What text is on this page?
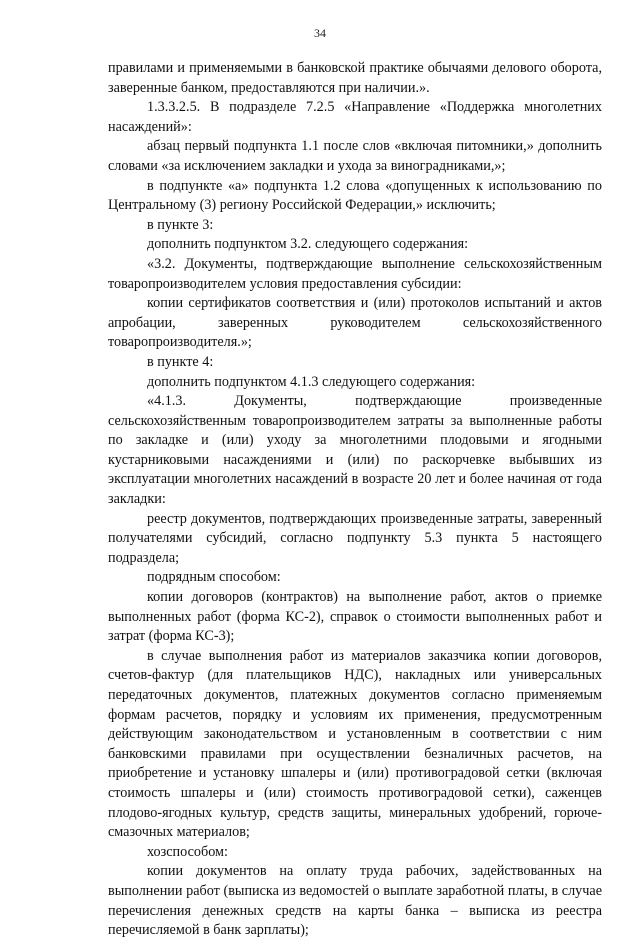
34

правилами и применяемыми в банковской практике обычаями делового оборота, заверенные банком, предоставляются при наличии.».

1.3.3.2.5. В подразделе 7.2.5 «Направление «Поддержка многолетних насаждений»:

абзац первый подпункта 1.1 после слов «включая питомники,» дополнить словами «за исключением закладки и ухода за виноградниками,»;

в подпункте «а» подпункта 1.2 слова «допущенных к использованию по Центральному (3) региону Российской Федерации,» исключить;

в пункте 3:

дополнить подпунктом 3.2. следующего содержания:

«3.2. Документы, подтверждающие выполнение сельскохозяйственным товаропроизводителем условия предоставления субсидии:

копии сертификатов соответствия и (или) протоколов испытаний и актов апробации, заверенных руководителем сельскохозяйственного товаропроизводителя.»;

в пункте 4:

дополнить подпунктом 4.1.3 следующего содержания:

«4.1.3. Документы, подтверждающие произведенные сельскохозяйственным товаропроизводителем затраты за выполненные работы по закладке и (или) уходу за многолетними плодовыми и ягодными кустарниковыми насаждениями и (или) по раскорчевке выбывших из эксплуатации многолетних насаждений в возрасте 20 лет и более начиная от года закладки:

реестр документов, подтверждающих произведенные затраты, заверенный получателями субсидий, согласно подпункту 5.3 пункта 5 настоящего подраздела;

подрядным способом:

копии договоров (контрактов) на выполнение работ, актов о приемке выполненных работ (форма КС-2), справок о стоимости выполненных работ и затрат (форма КС-3);

в случае выполнения работ из материалов заказчика копии договоров, счетов-фактур (для плательщиков НДС), накладных или универсальных передаточных документов, платежных документов согласно применяемым формам расчетов, порядку и условиям их применения, предусмотренным действующим законодательством и установленным в соответствии с ним банковскими правилами при осуществлении безналичных расчетов, на приобретение и установку шпалеры и (или) противоградовой сетки (включая стоимость шпалеры и (или) стоимость противоградовой сетки), саженцев плодово-ягодных культур, средств защиты, минеральных удобрений, горюче-смазочных материалов;

хозспособом:

копии документов на оплату труда рабочих, задействованных на выполнении работ (выписка из ведомостей о выплате заработной платы, в случае перечисления денежных средств на карты банка – выписка из реестра перечисляемой в банк зарплаты);
